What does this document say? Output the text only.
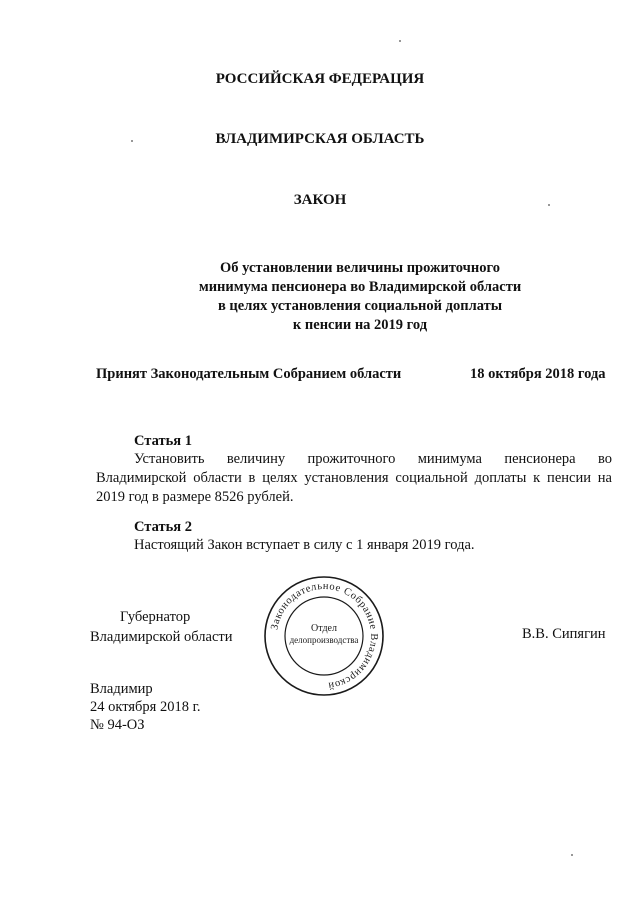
РОССИЙСКАЯ ФЕДЕРАЦИЯ
ВЛАДИМИРСКАЯ ОБЛАСТЬ
ЗАКОН
Об установлении величины прожиточного
минимума пенсионера во Владимирской области
в целях установления социальной доплаты
к пенсии на 2019 год
Принят Законодательным Собранием области	18 октября 2018 года
Статья 1
Установить величину прожиточного минимума пенсионера во Владимирской области в целях установления социальной доплаты к пенсии на 2019 год в размере 8526 рублей.
Статья 2
Настоящий Закон вступает в силу с 1 января 2019 года.
Губернатор
Владимирской области	В.В. Сипягин
Законодательное Собрание Владимирской
Отдел
делопроизводства
Владимир
24 октября 2018 г.
№ 94-ОЗ
